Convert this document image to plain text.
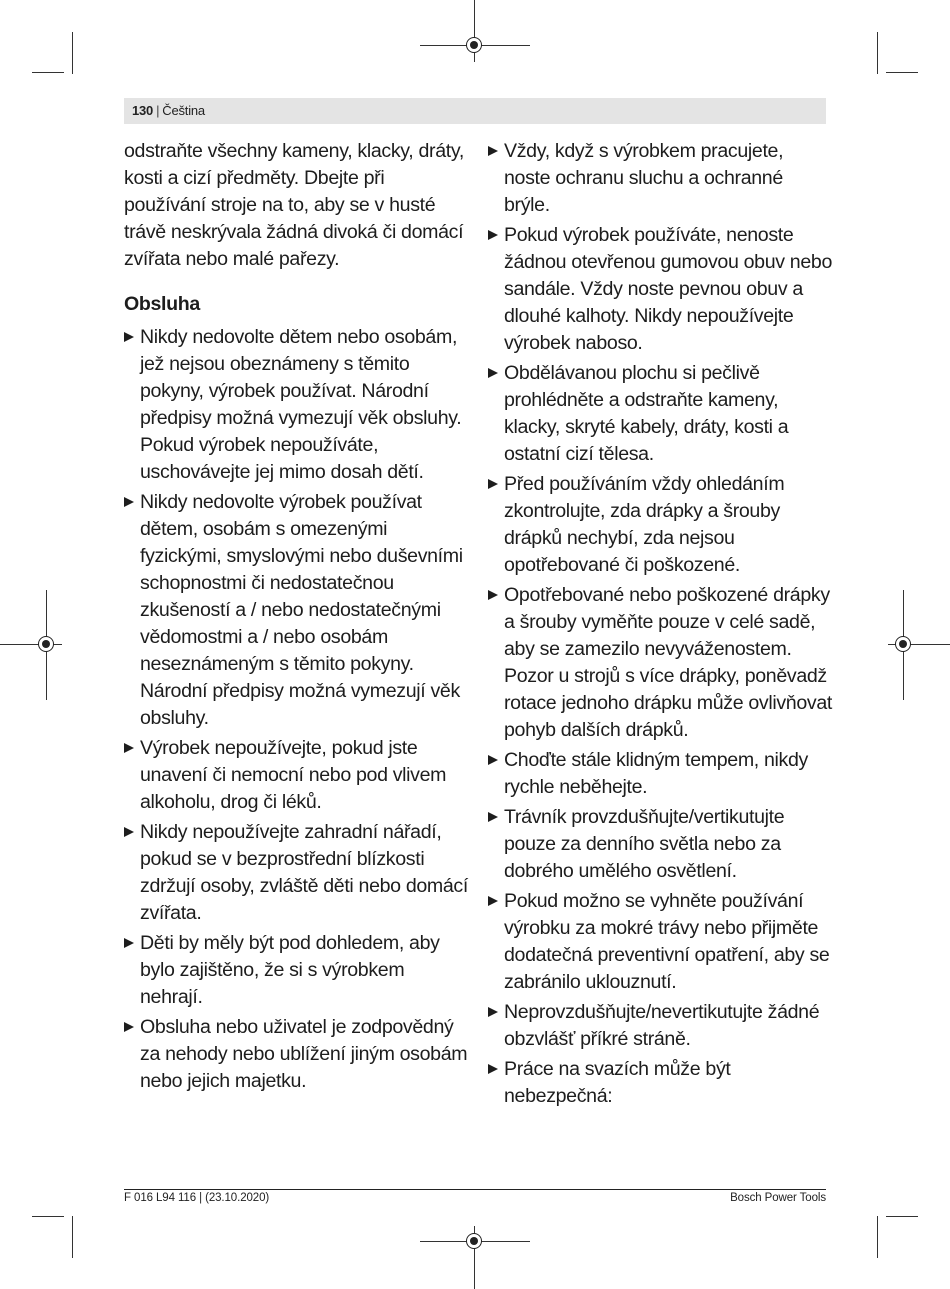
130 | Čeština

odstraňte všechny kameny, klacky, dráty, kosti a cizí předměty. Dbejte při používání stroje na to, aby se v husté trávě neskrývala žádná divoká či domácí zvířata nebo malé pařezy.

Obsluha

Nikdy nedovolte dětem nebo osobám, jež nejsou obeznámeny s těmito pokyny, výrobek používat. Národní předpisy možná vymezují věk obsluhy. Pokud výrobek nepoužíváte, uschovávejte jej mimo dosah dětí.
Nikdy nedovolte výrobek používat dětem, osobám s omezenými fyzickými, smyslovými nebo duševními schopnostmi či nedostatečnou zkušeností a / nebo nedostatečnými vědomostmi a / nebo osobám neseznámeným s těmito pokyny. Národní předpisy možná vymezují věk obsluhy.
Výrobek nepoužívejte, pokud jste unavení či nemocní nebo pod vlivem alkoholu, drog či léků.
Nikdy nepoužívejte zahradní nářadí, pokud se v bezprostřední blízkosti zdržují osoby, zvláště děti nebo domácí zvířata.
Děti by měly být pod dohledem, aby bylo zajištěno, že si s výrobkem nehrají.
Obsluha nebo uživatel je zodpovědný za nehody nebo ublížení jiným osobám nebo jejich majetku.
Vždy, když s výrobkem pracujete, noste ochranu sluchu a ochranné brýle.
Pokud výrobek používáte, nenoste žádnou otevřenou gumovou obuv nebo sandále. Vždy noste pevnou obuv a dlouhé kalhoty. Nikdy nepoužívejte výrobek naboso.
Obdělávanou plochu si pečlivě prohlédněte a odstraňte kameny, klacky, skryté kabely, dráty, kosti a ostatní cizí tělesa.
Před používáním vždy ohledáním zkontrolujte, zda drápky a šrouby drápků nechybí, zda nejsou opotřebované či poškozené.
Opotřebované nebo poškozené drápky a šrouby vyměňte pouze v celé sadě, aby se zamezilo nevyváženostem. Pozor u strojů s více drápky, poněvadž rotace jednoho drápku může ovlivňovat pohyb dalších drápků.
Choďte stále klidným tempem, nikdy rychle neběhejte.
Trávník provzdušňujte/vertikutujte pouze za denního světla nebo za dobrého umělého osvětlení.
Pokud možno se vyhněte používání výrobku za mokré trávy nebo přijměte dodatečná preventivní opatření, aby se zabránilo uklouznutí.
Neprovzdušňujte/nevertikutujte žádné obzvlášť příkré stráně.
Práce na svazích může být nebezpečná:
F 016 L94 116 | (23.10.2020)	Bosch Power Tools
